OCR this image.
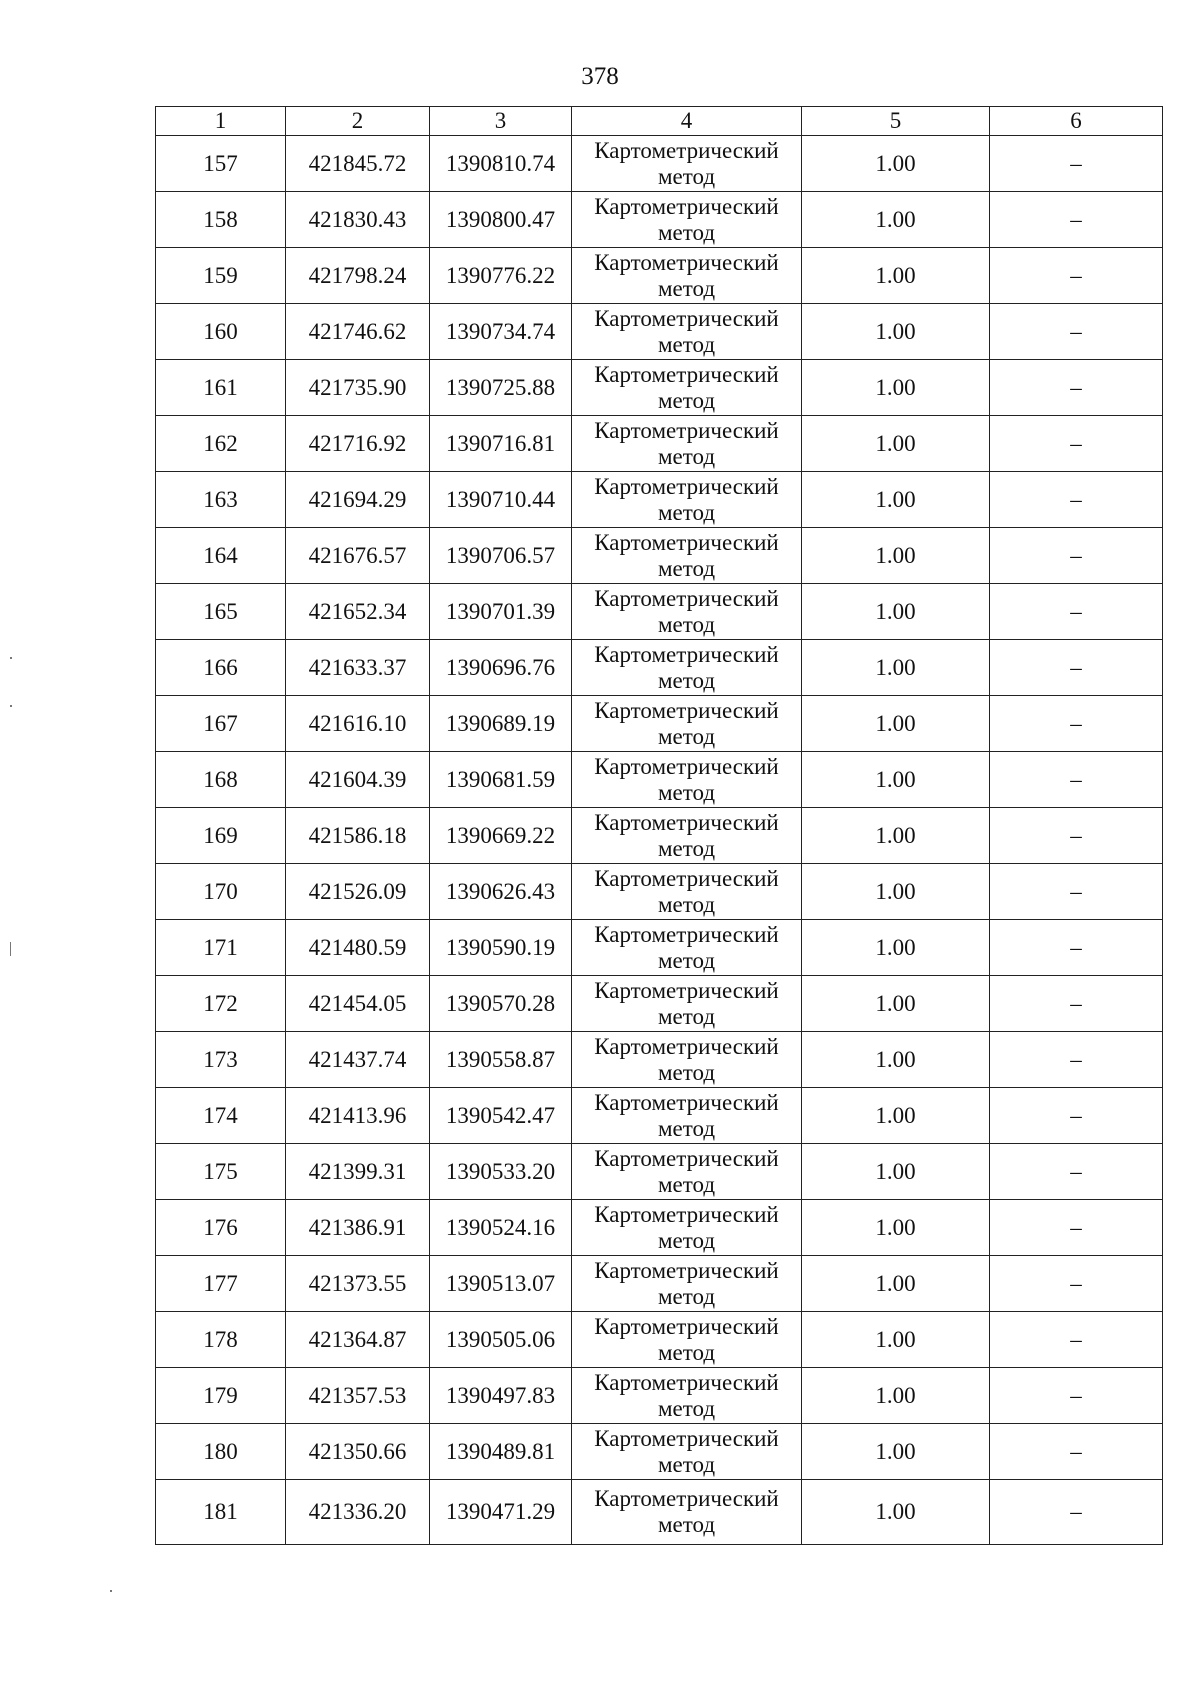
378
1	2	3	4	5	6
157	421845.72	1390810.74	Картометрический метод	1.00	–
158	421830.43	1390800.47	Картометрический метод	1.00	–
159	421798.24	1390776.22	Картометрический метод	1.00	–
160	421746.62	1390734.74	Картометрический метод	1.00	–
161	421735.90	1390725.88	Картометрический метод	1.00	–
162	421716.92	1390716.81	Картометрический метод	1.00	–
163	421694.29	1390710.44	Картометрический метод	1.00	–
164	421676.57	1390706.57	Картометрический метод	1.00	–
165	421652.34	1390701.39	Картометрический метод	1.00	–
166	421633.37	1390696.76	Картометрический метод	1.00	–
167	421616.10	1390689.19	Картометрический метод	1.00	–
168	421604.39	1390681.59	Картометрический метод	1.00	–
169	421586.18	1390669.22	Картометрический метод	1.00	–
170	421526.09	1390626.43	Картометрический метод	1.00	–
171	421480.59	1390590.19	Картометрический метод	1.00	–
172	421454.05	1390570.28	Картометрический метод	1.00	–
173	421437.74	1390558.87	Картометрический метод	1.00	–
174	421413.96	1390542.47	Картометрический метод	1.00	–
175	421399.31	1390533.20	Картометрический метод	1.00	–
176	421386.91	1390524.16	Картометрический метод	1.00	–
177	421373.55	1390513.07	Картометрический метод	1.00	–
178	421364.87	1390505.06	Картометрический метод	1.00	–
179	421357.53	1390497.83	Картометрический метод	1.00	–
180	421350.66	1390489.81	Картометрический метод	1.00	–
181	421336.20	1390471.29	Картометрический метод	1.00	–
